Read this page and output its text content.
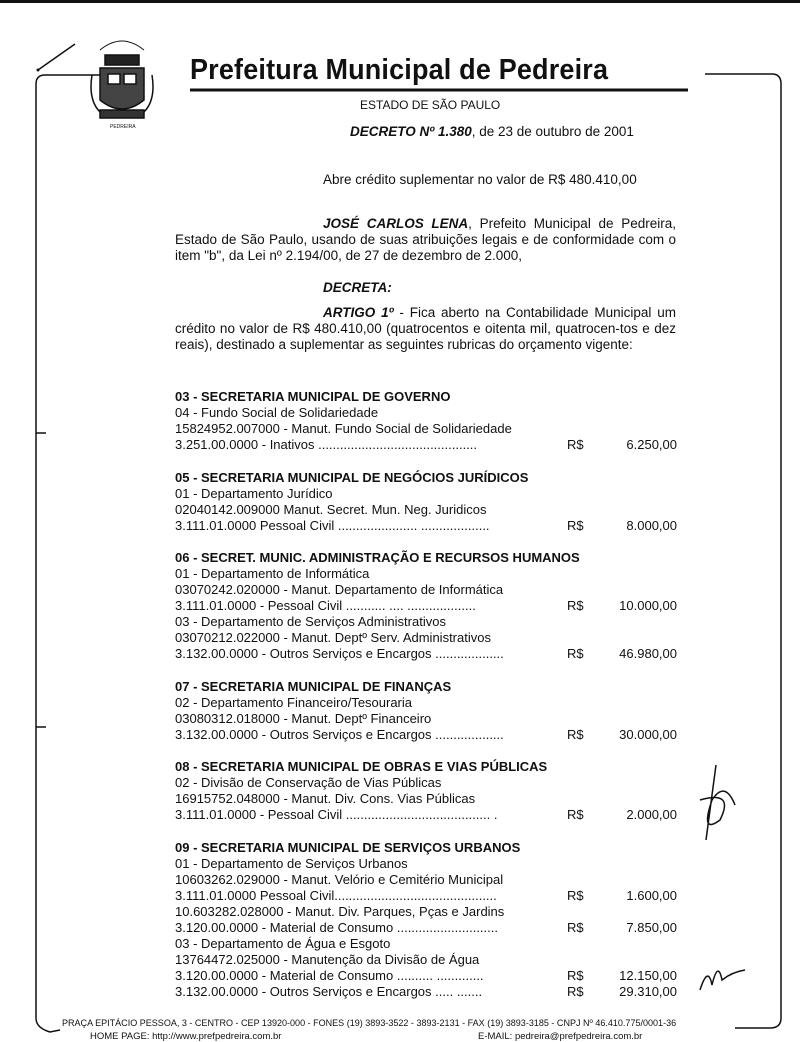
PEDREIRA
Prefeitura Municipal de Pedreira
ESTADO DE SÃO PAULO
DECRETO Nº 1.380, de 23 de outubro de 2001
Abre crédito suplementar no valor de R$ 480.410,00
JOSÉ CARLOS LENA, Prefeito Municipal de Pedreira, Estado de São Paulo, usando de suas atribuições legais e de conformidade com o item "b", da Lei nº 2.194/00, de 27 de dezembro de 2.000,
DECRETA:
ARTIGO 1º - Fica aberto na Contabilidade Municipal um crédito no valor de R$ 480.410,00 (quatrocentos e oitenta mil, quatrocen-tos e dez reais), destinado a suplementar as seguintes rubricas do orçamento vigente:
03 - SECRETARIA MUNICIPAL DE GOVERNO
04 - Fundo Social de Solidariedade
15824952.007000 - Manut. Fundo Social de Solidariedade
3.251.00.0000 - Inativos ............................................	R$	6.250,00
05 - SECRETARIA MUNICIPAL DE NEGÓCIOS JURÍDICOS
01 - Departamento Jurídico
02040142.009000 Manut. Secret. Mun. Neg. Juridicos
3.111.01.0000 Pessoal Civil ...................... ...................	R$	8.000,00
06 - SECRET. MUNIC. ADMINISTRAÇÃO E RECURSOS HUMANOS
01 - Departamento de Informática
03070242.020000 - Manut. Departamento de Informática
3.111.01.0000 - Pessoal Civil ........... .... ...................	R$	10.000,00
03 - Departamento de Serviços Administrativos
03070212.022000 - Manut. Deptº Serv. Administrativos
3.132.00.0000 - Outros Serviços e Encargos ...................	R$	46.980,00
07 - SECRETARIA MUNICIPAL DE FINANÇAS
02 - Departamento Financeiro/Tesouraria
03080312.018000 - Manut. Deptº Financeiro
3.132.00.0000 - Outros Serviços e Encargos ...................	R$	30.000,00
08 - SECRETARIA MUNICIPAL DE OBRAS E VIAS PÚBLICAS
02 - Divisão de Conservação de Vias Públicas
16915752.048000 - Manut. Div. Cons. Vias Públicas
3.111.01.0000 - Pessoal Civil ........................................ .	R$	2.000,00
09 - SECRETARIA MUNICIPAL DE SERVIÇOS URBANOS
01 - Departamento de Serviços Urbanos
10603262.029000 - Manut. Velório e Cemitério Municipal
3.111.01.0000 Pessoal Civil.............................................	R$	1.600,00
10.603282.028000 - Manut. Div. Parques, Pças e Jardins
3.120.00.0000 - Material de Consumo ............................	R$	7.850,00
03 - Departamento de Água e Esgoto
13764472.025000 - Manutenção da Divisão de Água
3.120.00.0000 - Material de Consumo .......... .............	R$	12.150,00
3.132.00.0000 - Outros Serviços e Encargos ..... .......	R$	29.310,00
PRAÇA EPITÁCIO PESSOA, 3 - CENTRO - CEP 13920-000 - FONES (19) 3893-3522 - 3893-2131 - FAX (19) 3893-3185 - CNPJ Nº 46.410.775/0001-36
HOME PAGE: http://www.prefpedreira.com.br	E-MAIL: pedreira@prefpedreira.com.br
